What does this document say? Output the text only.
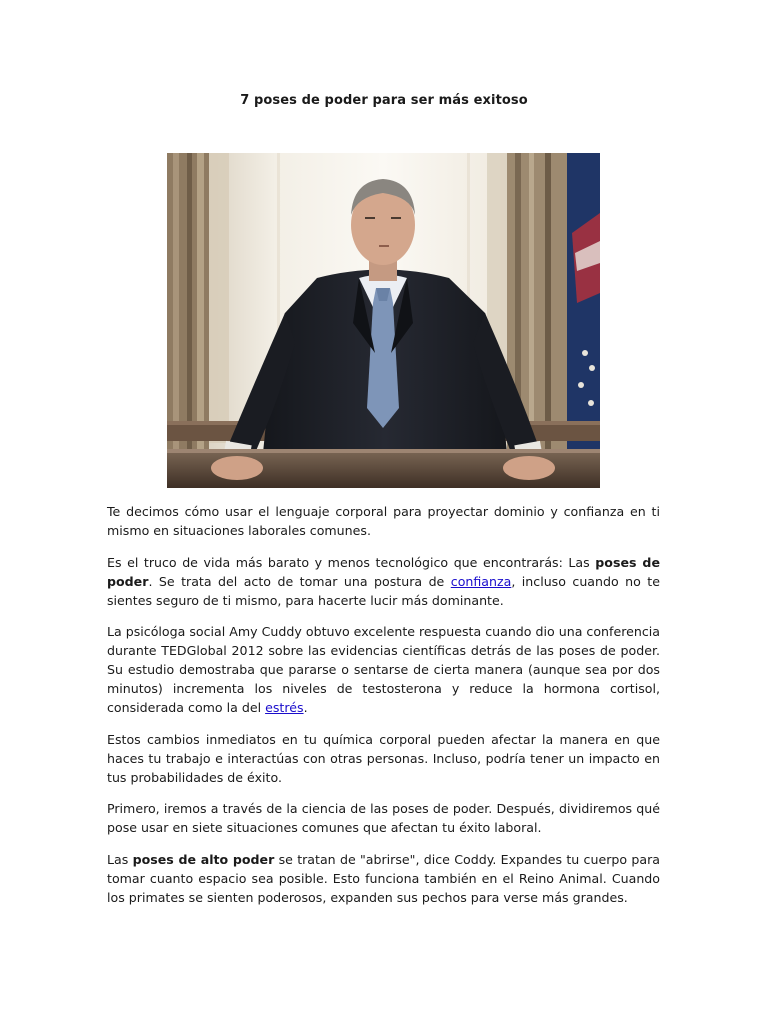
7 poses de poder para ser más exitoso

Te decimos cómo usar el lenguaje corporal para proyectar dominio y confianza en ti mismo en situaciones laborales comunes.

Es el truco de vida más barato y menos tecnológico que encontrarás: Las poses de poder. Se trata del acto de tomar una postura de confianza, incluso cuando no te sientes seguro de ti mismo, para hacerte lucir más dominante.

La psicóloga social Amy Cuddy obtuvo excelente respuesta cuando dio una conferencia durante TEDGlobal 2012 sobre las evidencias científicas detrás de las poses de poder. Su estudio demostraba que pararse o sentarse de cierta manera (aunque sea por dos minutos) incrementa los niveles de testosterona y reduce la hormona cortisol, considerada como la del estrés.

Estos cambios inmediatos en tu química corporal pueden afectar la manera en que haces tu trabajo e interactúas con otras personas. Incluso, podría tener un impacto en tus probabilidades de éxito.

Primero, iremos a través de la ciencia de las poses de poder. Después, dividiremos qué pose usar en siete situaciones comunes que afectan tu éxito laboral.

Las poses de alto poder se tratan de "abrirse", dice Coddy. Expandes tu cuerpo para tomar cuanto espacio sea posible. Esto funciona también en el Reino Animal. Cuando los primates se sienten poderosos, expanden sus pechos para verse más grandes.
